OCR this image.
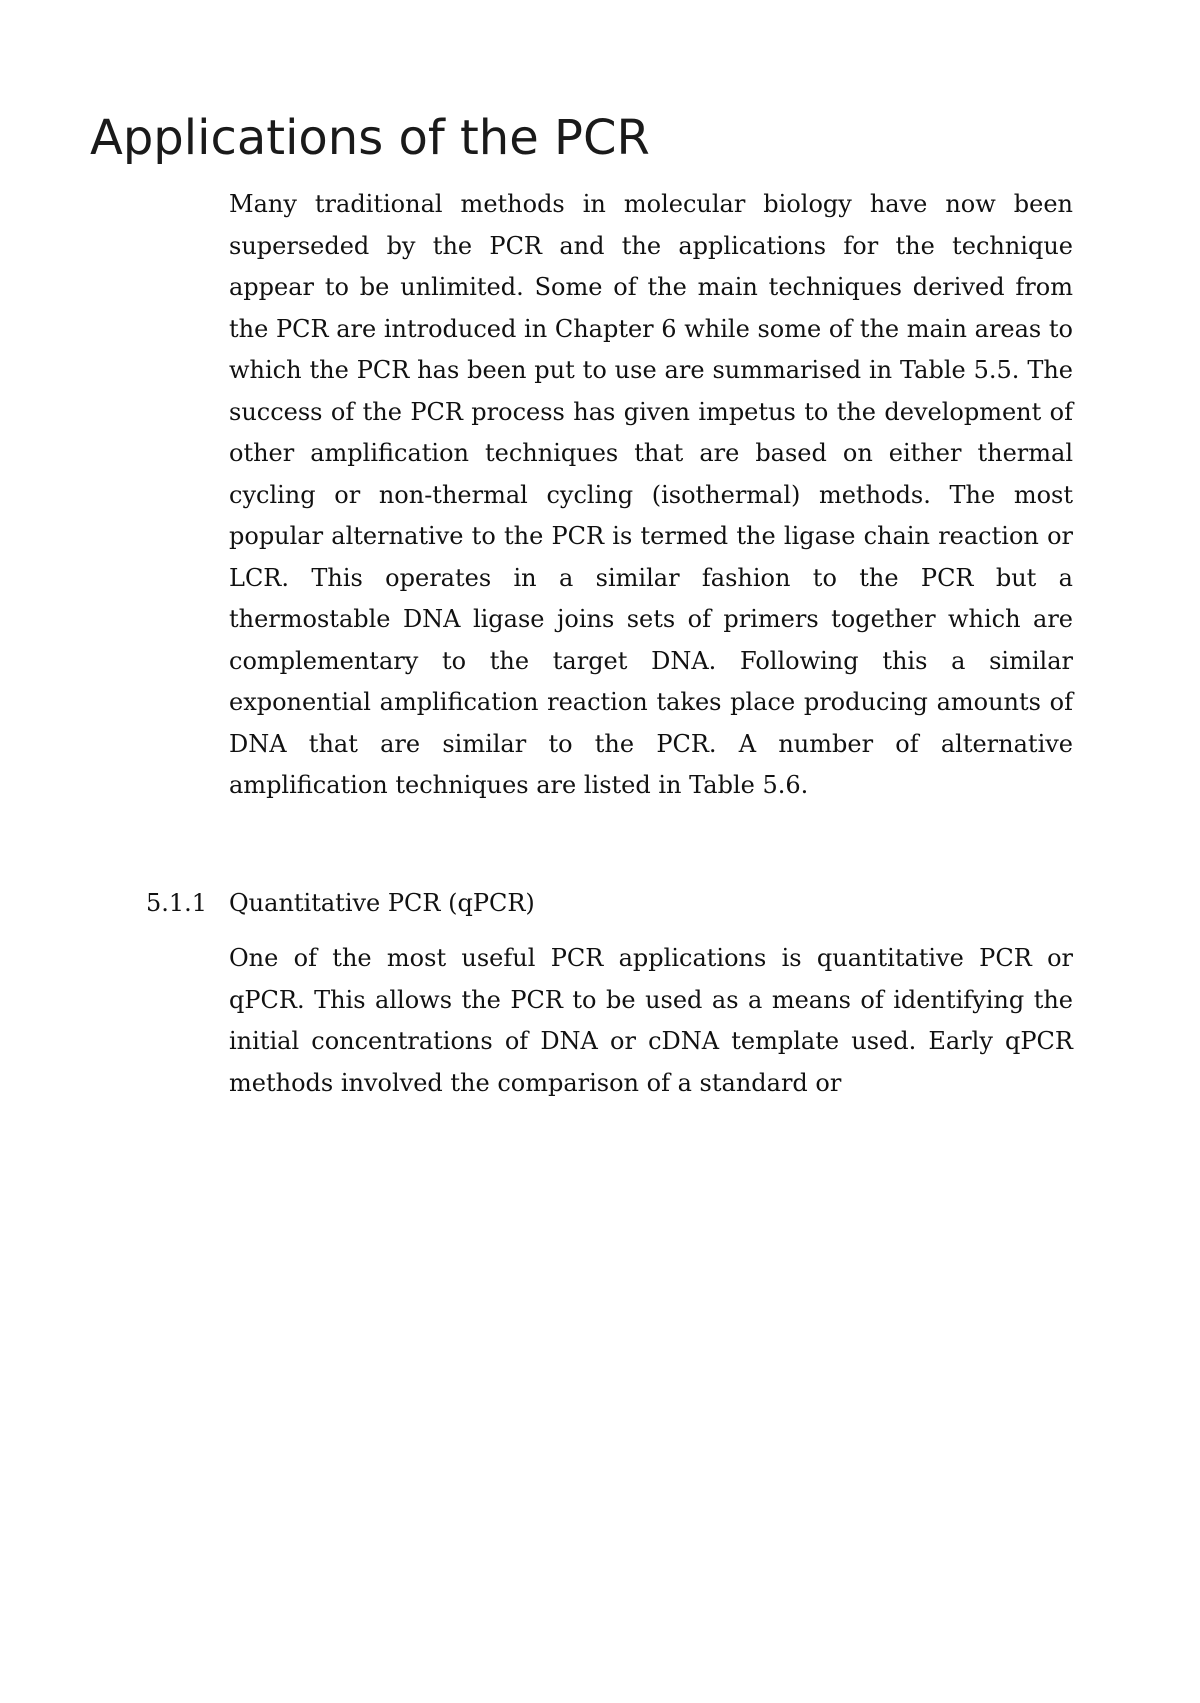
Applications of the PCR

Many traditional methods in molecular biology have now been superseded by the PCR and the applications for the technique appear to be unlimited. Some of the main techniques derived from the PCR are introduced in Chapter 6 while some of the main areas to which the PCR has been put to use are summarised in Table 5.5. The success of the PCR process has given impetus to the development of other amplification techniques that are based on either thermal cycling or non-thermal cycling (isothermal) methods. The most popular alternative to the PCR is termed the ligase chain reaction or LCR. This operates in a similar fashion to the PCR but a thermostable DNA ligase joins sets of primers together which are complementary to the target DNA. Following this a similar exponential amplification reaction takes place producing amounts of DNA that are similar to the PCR. A number of alternative amplification techniques are listed in Table 5.6.

5.1.1 Quantitative PCR (qPCR)

One of the most useful PCR applications is quantitative PCR or qPCR. This allows the PCR to be used as a means of identifying the initial concentrations of DNA or cDNA template used. Early qPCR methods involved the comparison of a standard or
